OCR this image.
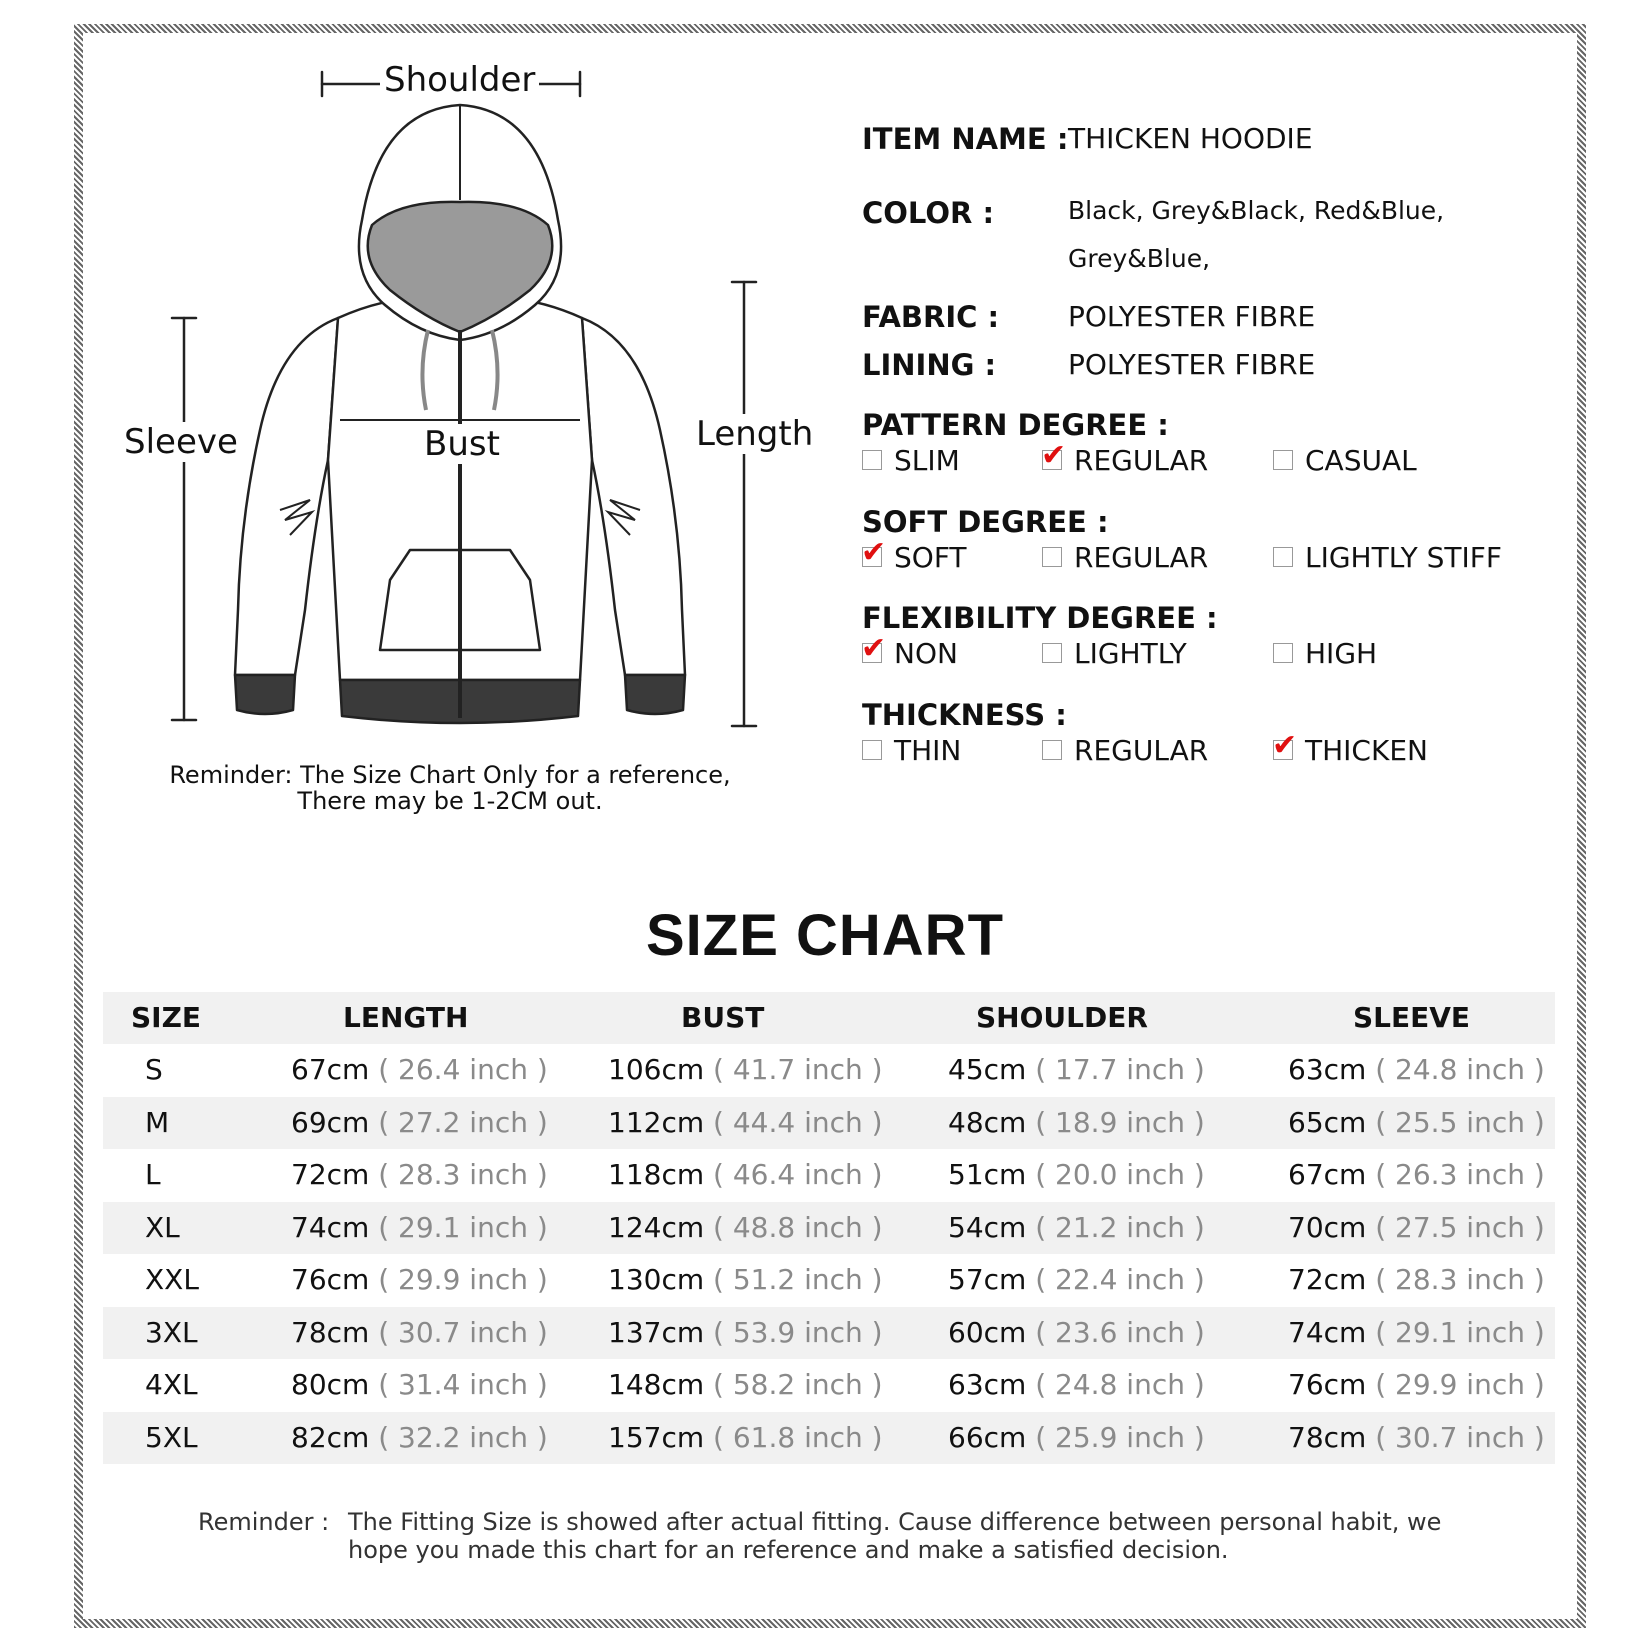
Shoulder
Sleeve	Bust	Length
Reminder: The Size Chart Only for a reference,
There may be 1-2CM out.
ITEM NAME : THICKEN HOODIE
COLOR :	Black, Grey&Black, Red&Blue,
Grey&Blue,
FABRIC : POLYESTER FIBRE
LINING :	POLYESTER FIBRE
PATTERN DEGREE :
SLIM	✔ REGULAR	CASUAL
SOFT DEGREE :
✔ SOFT	REGULAR	LIGHTLY STIFF
FLEXIBILITY DEGREE :
✔ NON	LIGHTLY	HIGH
THICKNESS :
THIN	REGULAR ✔ THICKEN
SIZE CHART
SIZE	LENGTH	BUST	SHOULDER	SLEEVE
S	67cm ( 26.4 inch ) 106cm ( 41.7 inch ) 45cm ( 17.7 inch )	63cm ( 24.8 inch )
M	69cm ( 27.2 inch ) 112cm ( 44.4 inch ) 48cm ( 18.9 inch )	65cm ( 25.5 inch )
L	72cm ( 28.3 inch ) 118cm ( 46.4 inch ) 51cm ( 20.0 inch )	67cm ( 26.3 inch )
XL	74cm ( 29.1 inch ) 124cm ( 48.8 inch ) 54cm ( 21.2 inch )	70cm ( 27.5 inch )
XXL	76cm ( 29.9 inch ) 130cm ( 51.2 inch ) 57cm ( 22.4 inch )	72cm ( 28.3 inch )
3XL	78cm ( 30.7 inch ) 137cm ( 53.9 inch ) 60cm ( 23.6 inch )	74cm ( 29.1 inch )
4XL	80cm ( 31.4 inch ) 148cm ( 58.2 inch ) 63cm ( 24.8 inch )	76cm ( 29.9 inch )
5XL	82cm ( 32.2 inch ) 157cm ( 61.8 inch ) 66cm ( 25.9 inch )	78cm ( 30.7 inch )
Reminder : The Fitting Size is showed after actual fitting. Cause difference between personal habit, we hope you made this chart for an reference and make a satisfied decision.
